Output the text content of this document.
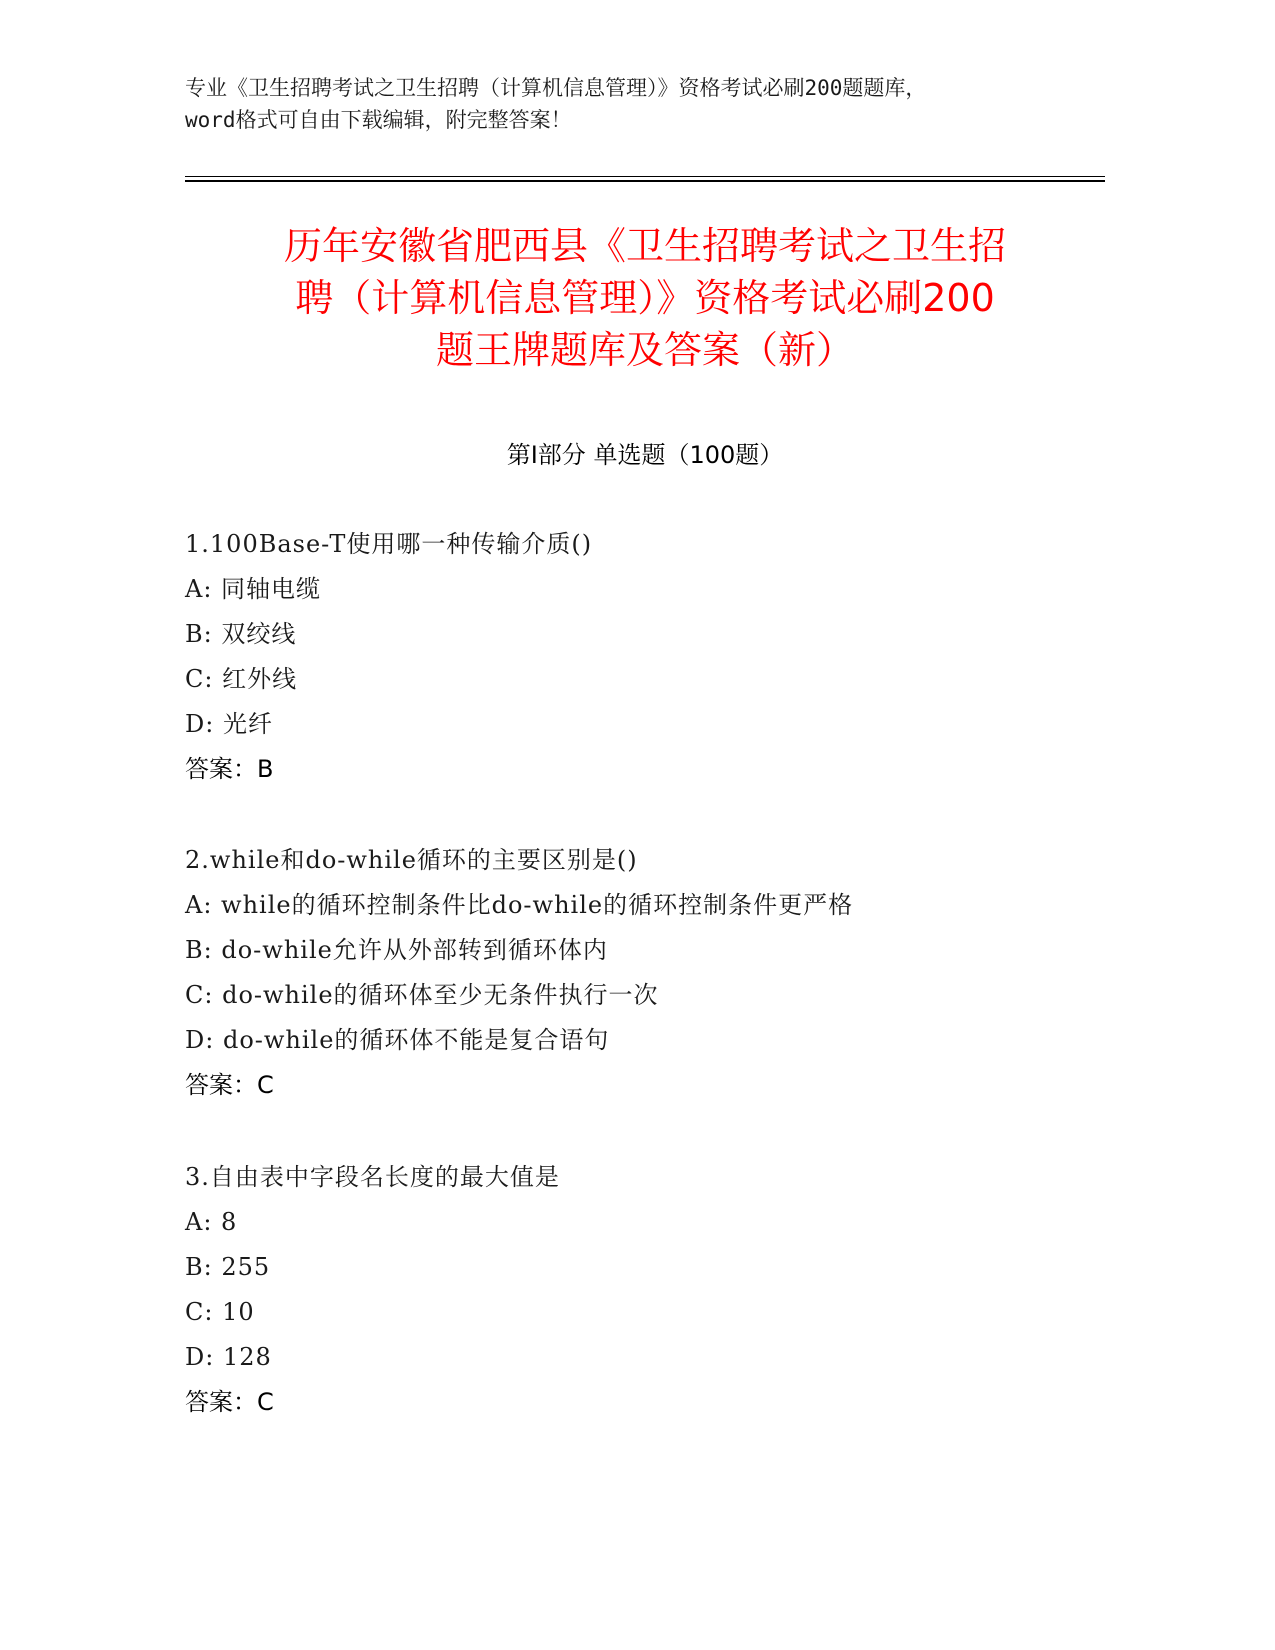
专业《卫生招聘考试之卫生招聘（计算机信息管理）》资格考试必刷200题题库，
word格式可自由下载编辑，附完整答案！
历年安徽省肥西县《卫生招聘考试之卫生招
聘（计算机信息管理）》资格考试必刷200
题王牌题库及答案（新）
第Ⅰ部分 单选题（100题）
1.100Base-T使用哪一种传输介质()
A: 同轴电缆
B: 双绞线
C: 红外线
D: 光纤
答案：B
2.while和do-while循环的主要区别是()
A: while的循环控制条件比do-while的循环控制条件更严格
B: do-while允许从外部转到循环体内
C: do-while的循环体至少无条件执行一次
D: do-while的循环体不能是复合语句
答案：C
3.自由表中字段名长度的最大值是
A: 8
B: 255
C: 10
D: 128
答案：C
